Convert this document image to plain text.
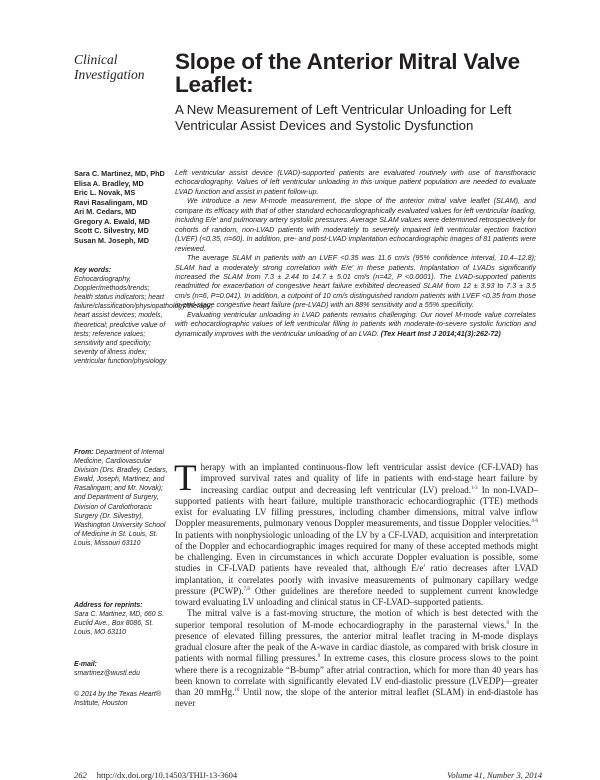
Clinical Investigation
Slope of the Anterior Mitral Valve Leaflet:
A New Measurement of Left Ventricular Unloading for Left Ventricular Assist Devices and Systolic Dysfunction
Sara C. Martinez, MD, PhD
Elisa A. Bradley, MD
Eric L. Novak, MS
Ravi Rasalingam, MD
Ari M. Cedars, MD
Gregory A. Ewald, MD
Scott C. Silvestry, MD
Susan M. Joseph, MD

Left ventricular assist device (LVAD)-supported patients are evaluated routinely with use of transthoracic echocardiography. Values of left ventricular unloading in this unique patient population are needed to evaluate LVAD function and assist in patient follow-up.

We introduce a new M-mode measurement, the slope of the anterior mitral valve leaflet (SLAM), and compare its efficacy with that of other standard echocardiographically evaluated values for left ventricular loading, including E/e′ and pulmonary artery systolic pressures. Average SLAM values were determined retrospectively for cohorts of random, non-LVAD patients with moderately to severely impaired left ventricular ejection fraction (LVEF) (<0.35, n=60). In addition, pre- and post-LVAD implantation echocardiographic images of 81 patients were reviewed.

The average SLAM in patients with an LVEF <0.35 was 11.6 cm/s (95% confidence interval, 10.4–12.8); SLAM had a moderately strong correlation with E/e′ in these patients. Implantation of LVADs significantly increased the SLAM from 7.3 ± 2.44 to 14.7 ± 5.01 cm/s (n=42, P <0.0001). The LVAD-supported patients readmitted for exacerbation of congestive heart failure exhibited decreased SLAM from 12 ± 3.93 to 7.3 ± 3.5 cm/s (n=6, P=0.041). In addition, a cutpoint of 10 cm/s distinguished random patients with LVEF <0.35 from those in end-stage congestive heart failure (pre-LVAD) with an 88% sensitivity and a 55% specificity.

Evaluating ventricular unloading in LVAD patients remains challenging. Our novel M-mode value correlates with echocardiographic values of left ventricular filling in patients with moderate-to-severe systolic function and dynamically improves with the ventricular unloading of an LVAD. (Tex Heart Inst J 2014;41(3):262-72)

Key words: Echocardiography, Doppler/methods/trends; health status indicators; heart failure/classification/physiopathology/therapy; heart assist devices; models, theoretical; predictive value of tests; reference values; sensitivity and specificity; severity of illness index; ventricular function/physiology
From: Department of Internal Medicine, Cardiovascular Division (Drs. Bradley, Cedars, Ewald, Joseph, Martinez, and Rasalingam; and Mr. Novak); and Department of Surgery, Division of Cardiothoracic Surgery (Dr. Silvestry), Washington University School of Medicine in St. Louis, St. Louis, Missouri 63110
Address for reprints:
Sara C. Martinez, MD, 660 S. Euclid Ave., Box 8086, St. Louis, MO 63110
E-mail:
smartinez@wustl.edu
© 2014 by the Texas Heart® Institute, Houston

Therapy with an implanted continuous-flow left ventricular assist device (CF-LVAD) has improved survival rates and quality of life in patients with end-stage heart failure by increasing cardiac output and decreasing left ventricular (LV) preload.$^{1-3}$ In non-LVAD–supported patients with heart failure, multiple transthoracic echocardiographic (TTE) methods exist for evaluating LV filling pressures, including chamber dimensions, mitral valve inflow Doppler measurements, pulmonary venous Doppler measurements, and tissue Doppler velocities.$^{4-6}$ In patients with nonphysiologic unloading of the LV by a CF-LVAD, acquisition and interpretation of the Doppler and echocardiographic images required for many of these accepted methods might be challenging. Even in circumstances in which accurate Doppler evaluation is possible, some studies in CF-LVAD patients have revealed that, although E/e′ ratio decreases after LVAD implantation, it correlates poorly with invasive measurements of pulmonary capillary wedge pressure (PCWP).$^{7,8}$ Other guidelines are therefore needed to supplement current knowledge toward evaluating LV unloading and clinical status in CF-LVAD–supported patients.

The mitral valve is a fast-moving structure, the motion of which is best detected with the superior temporal resolution of M-mode echocardiography in the parasternal views.$^9$ In the presence of elevated filling pressures, the anterior mitral leaflet tracing in M-mode displays gradual closure after the peak of the A-wave in cardiac diastole, as compared with brisk closure in patients with normal filling pressures.$^9$ In extreme cases, this closure process slows to the point where there is a recognizable “B-bump” after atrial contraction, which for more than 40 years has been known to correlate with significantly elevated LV end-diastolic pressure (LVEDP)—greater than 20 mmHg.$^{10}$ Until now, the slope of the anterior mitral leaflet (SLAM) in end-diastole has never

262 http://dx.doi.org/10.14503/THIJ-13-3604	Volume 41, Number 3, 2014
